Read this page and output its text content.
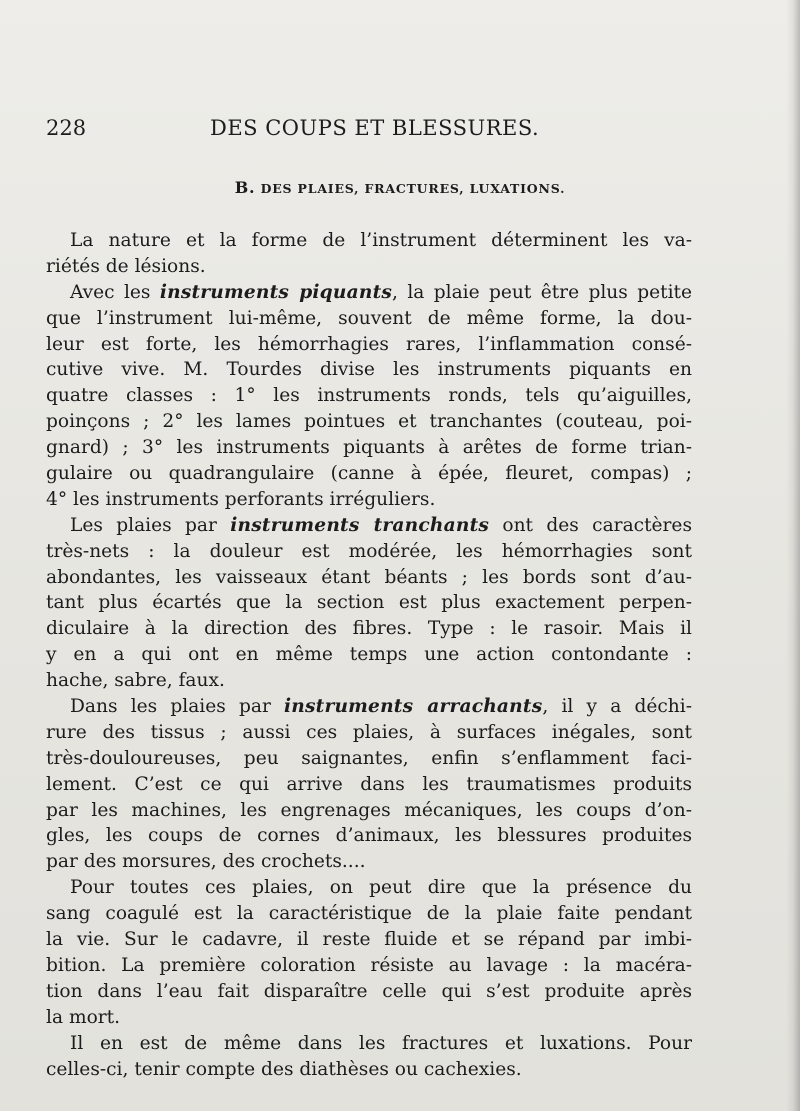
228	DES COUPS ET BLESSURES.
B. DES PLAIES, FRACTURES, LUXATIONS.
La nature et la forme de l’instrument déterminent les va-
riétés de lésions.
Avec les instruments piquants, la plaie peut être plus petite
que l’instrument lui-même, souvent de même forme, la dou-
leur est forte, les hémorrhagies rares, l’inflammation consé-
cutive vive. M. Tourdes divise les instruments piquants en
quatre classes : 1° les instruments ronds, tels qu’aiguilles,
poinçons ; 2° les lames pointues et tranchantes (couteau, poi-
gnard) ; 3° les instruments piquants à arêtes de forme trian-
gulaire ou quadrangulaire (canne à épée, fleuret, compas) ;
4° les instruments perforants irréguliers.
Les plaies par instruments tranchants ont des caractères
très-nets : la douleur est modérée, les hémorrhagies sont
abondantes, les vaisseaux étant béants ; les bords sont d’au-
tant plus écartés que la section est plus exactement perpen-
diculaire à la direction des fibres. Type : le rasoir. Mais il
y en a qui ont en même temps une action contondante :
hache, sabre, faux.
Dans les plaies par instruments arrachants, il y a déchi-
rure des tissus ; aussi ces plaies, à surfaces inégales, sont
très-douloureuses, peu saignantes, enfin s’enflamment faci-
lement. C’est ce qui arrive dans les traumatismes produits
par les machines, les engrenages mécaniques, les coups d’on-
gles, les coups de cornes d’animaux, les blessures produites
par des morsures, des crochets....
Pour toutes ces plaies, on peut dire que la présence du
sang coagulé est la caractéristique de la plaie faite pendant
la vie. Sur le cadavre, il reste fluide et se répand par imbi-
bition. La première coloration résiste au lavage : la macéra-
tion dans l’eau fait disparaître celle qui s’est produite après
la mort.
Il en est de même dans les fractures et luxations. Pour
celles-ci, tenir compte des diathèses ou cachexies.
